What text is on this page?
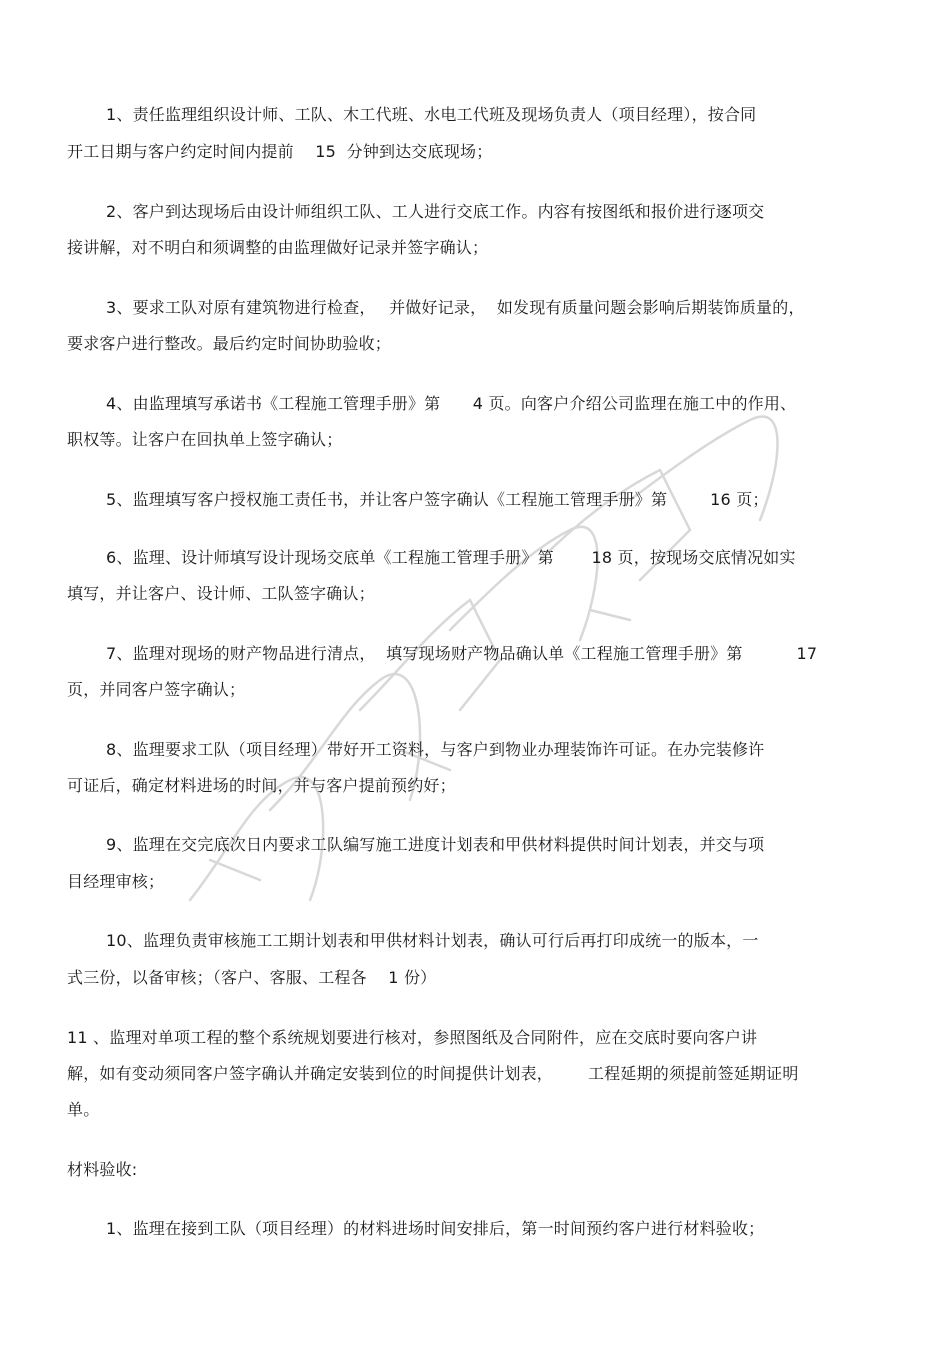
1、责任监理组织设计师、工队、木工代班、水电工代班及现场负责人（项目经理），按合同
开工日期与客户约定时间内提前　 15  分钟到达交底现场；
2、客户到达现场后由设计师组织工队、工人进行交底工作。内容有按图纸和报价进行逐项交
接讲解，对不明白和须调整的由监理做好记录并签字确认；
3、要求工队对原有建筑物进行检查，　 并做好记录，  如发现有质量问题会影响后期装饰质量的，
要求客户进行整改。最后约定时间协助验收；
4、由监理填写承诺书《工程施工管理手册》第　　4 页。向客户介绍公司监理在施工中的作用、
职权等。让客户在回执单上签字确认；
5、监理填写客户授权施工责任书，并让客户签字确认《工程施工管理手册》第　　  16 页；
6、监理、设计师填写设计现场交底单《工程施工管理手册》第　　 18 页，按现场交底情况如实
填写，并让客户、设计师、工队签字确认；
7、监理对现场的财产物品进行清点，  填写现场财产物品确认单《工程施工管理手册》第　　　 17
页，并同客户签字确认；
8、监理要求工队（项目经理）带好开工资料，与客户到物业办理装饰许可证。在办完装修许
可证后，确定材料进场的时间，并与客户提前预约好；
9、监理在交完底次日内要求工队编写施工进度计划表和甲供材料提供时间计划表，并交与项
目经理审核；
10、监理负责审核施工工期计划表和甲供材料计划表，确认可行后再打印成统一的版本，一
式三份，以备审核；（客户、客服、工程各　 1 份）
11 、监理对单项工程的整个系统规划要进行核对，参照图纸及合同附件，应在交底时要向客户讲
解，如有变动须同客户签字确认并确定安装到位的时间提供计划表，　　  工程延期的须提前签延期证明
单。
材料验收:
1、监理在接到工队（项目经理）的材料进场时间安排后，第一时间预约客户进行材料验收；
